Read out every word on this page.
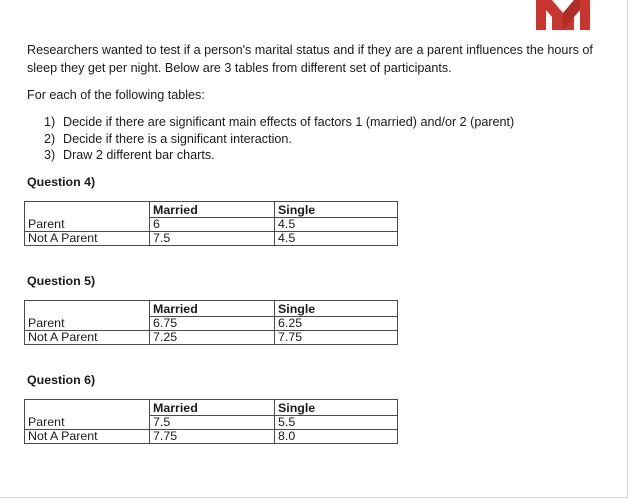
Researchers wanted to test if a person's marital status and if they are a parent influences the hours of sleep they get per night. Below are 3 tables from different set of participants.

For each of the following tables:

1) Decide if there are significant main effects of factors 1 (married) and/or 2 (parent)
2) Decide if there is a significant interaction.
3) Draw 2 different bar charts.

Question 4)

	Married	Single
Parent	6	4.5
Not A Parent	7.5	4.5

Question 5)

	Married	Single
Parent	6.75	6.25
Not A Parent	7.25	7.75

Question 6)

	Married	Single
Parent	7.5	5.5
Not A Parent	7.75	8.0
